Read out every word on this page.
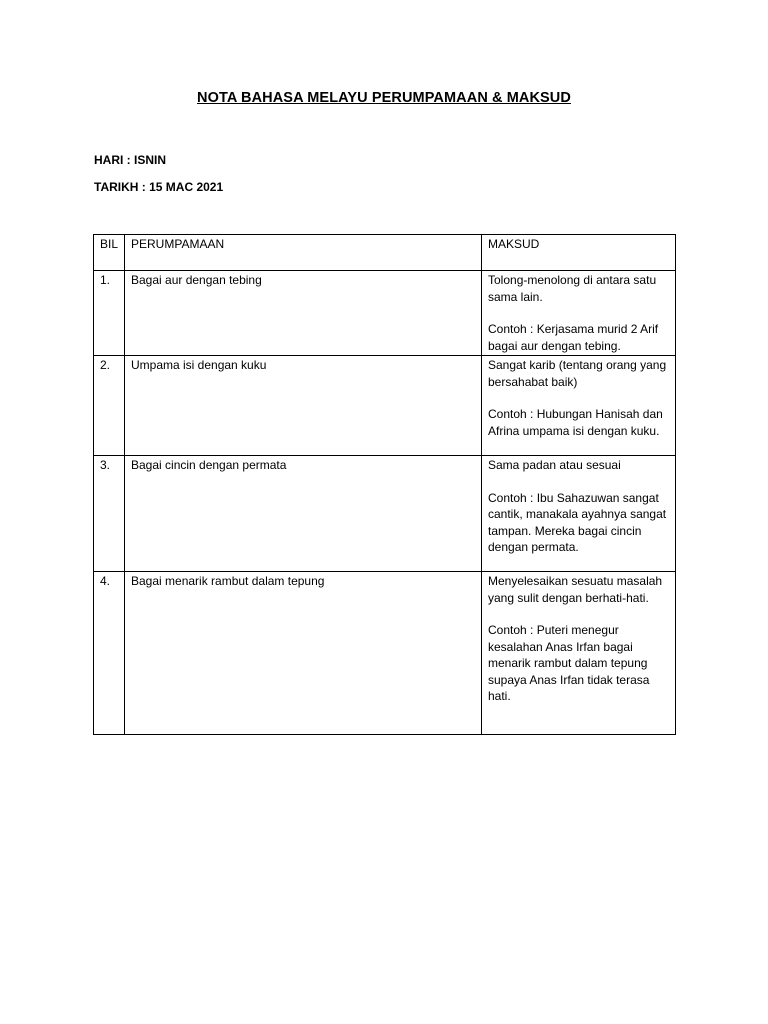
NOTA BAHASA MELAYU PERUMPAMAAN & MAKSUD
HARI : ISNIN
TARIKH : 15 MAC 2021
BIL	PERUMPAMAAN	MAKSUD
1.	Bagai aur dengan tebing	Tolong-menolong di antara satu sama lain.
Contoh : Kerjasama murid 2 Arif bagai aur dengan tebing.

2.	Umpama isi dengan kuku	Sangat karib (tentang orang yang bersahabat baik)
Contoh : Hubungan Hanisah dan Afrina umpama isi dengan kuku.

3.	Bagai cincin dengan permata	Sama padan atau sesuai
Contoh : Ibu Sahazuwan sangat cantik, manakala ayahnya sangat tampan. Mereka bagai cincin dengan permata.

4.	Bagai menarik rambut dalam tepung	Menyelesaikan sesuatu masalah yang sulit dengan berhati-hati.
Contoh : Puteri menegur kesalahan Anas Irfan bagai menarik rambut dalam tepung supaya Anas Irfan tidak terasa hati.
